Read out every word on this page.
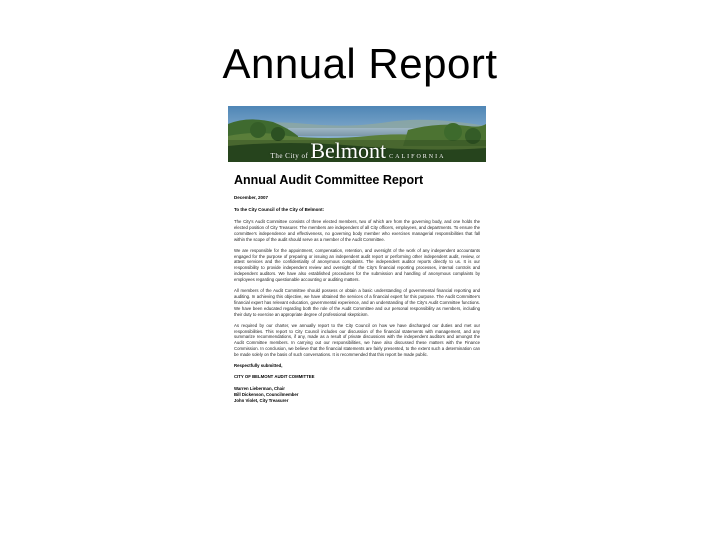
Annual Report
The City of Belmont CALIFORNIA
Annual Audit Committee Report
December, 2007
To the City Council of the City of Belmont:

The City's Audit Committee consists of three elected members, two of which are from the governing body, and one holds the elected position of City Treasurer. The members are independent of all City officers, employees, and departments. To ensure the committee's independence and effectiveness, no governing body member who exercises managerial responsibilities that fall within the scope of the audit should serve as a member of the Audit Committee.

We are responsible for the appointment, compensation, retention, and oversight of the work of any independent accountants engaged for the purpose of preparing or issuing an independent audit report or performing other independent audit, review, or attest services and the confidentiality of anonymous complaints. The independent auditor reports directly to us. It is our responsibility to provide independent review and oversight of the City's financial reporting processes, internal controls and independent auditors. We have also established procedures for the submission and handling of anonymous complaints by employees regarding questionable accounting or auditing matters.

All members of the Audit Committee should possess or obtain a basic understanding of governmental financial reporting and auditing. In achieving this objective, we have obtained the services of a financial expert for this purpose. The Audit Committee's financial expert has relevant education, governmental experience, and an understanding of the City's Audit Committee functions. We have been educated regarding both the role of the Audit Committee and our personal responsibility as members, including their duty to exercise an appropriate degree of professional skepticism.

As required by our charter, we annually report to the City Council on how we have discharged our duties and met our responsibilities. This report to City Council includes our discussion of the financial statements with management, and any summarize recommendations, if any, made as a result of private discussions with the independent auditors and amongst the Audit Committee members. In carrying out our responsibilities, we have also discussed these matters with the Finance Commission. In conclusion, we believe that the financial statements are fairly presented, to the extent such a determination can be made solely on the basis of such conversations. It is recommended that this report be made public.

Respectfully submitted,

CITY OF BELMONT AUDIT COMMITTEE

Warren Lieberman, Chair

Bill Dickenson, Councilmember

John Violet, City Treasurer
